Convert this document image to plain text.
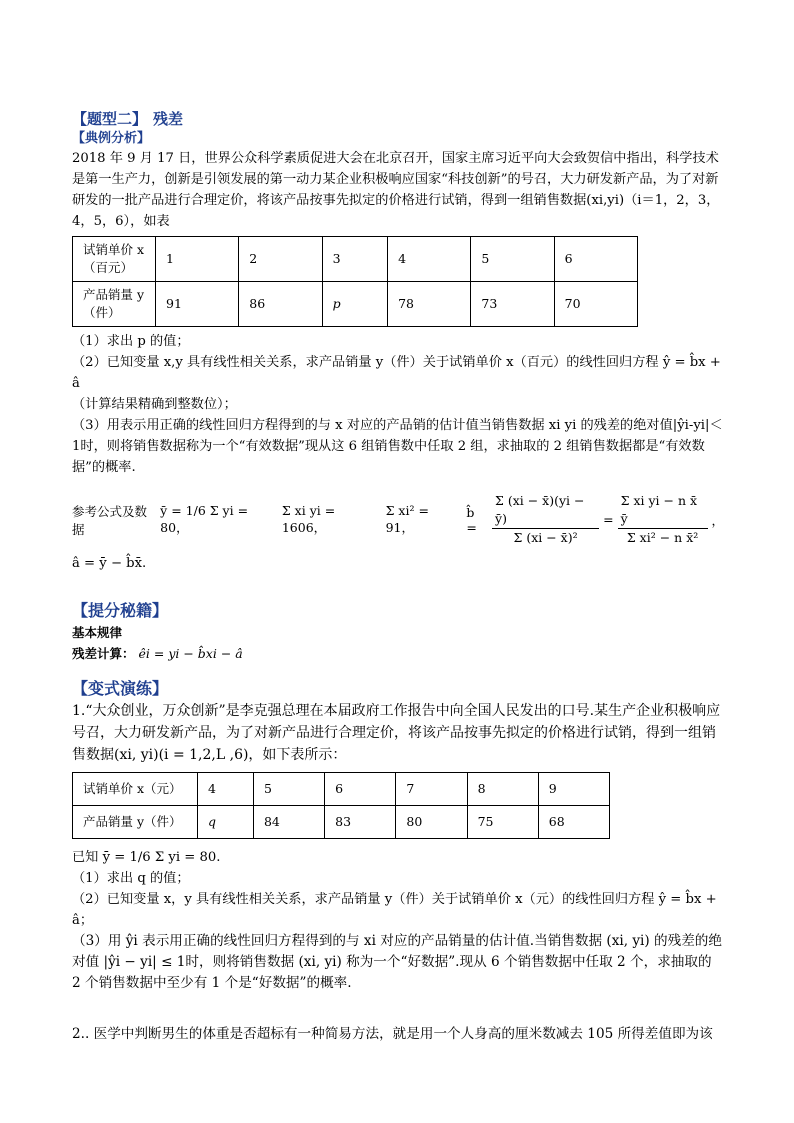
【题型二】 残差
【典例分析】

2018 年 9 月 17 日，世界公众科学素质促进大会在北京召开，国家主席习近平向大会致贺信中指出，科学技术是第一生产力，创新是引领发展的第一动力某企业积极响应国家“科技创新”的号召，大力研发新产品，为了对新研发的一批产品进行合理定价，将该产品按事先拟定的价格进行试销，得到一组销售数据(xi,yi)（i＝1，2，3，4，5，6），如表

试销单价 x
（百元）	1	2	3	4	5	6

产品销量 y
（件）	91	86	p	78	73	70

（1）求出 p 的值；

（2）已知变量 x,y 具有线性相关关系，求产品销量 y（件）关于试销单价 x（百元）的线性回归方程 ŷ = b̂x + â

（计算结果精确到整数位）；

（3）用表示用正确的线性回归方程得到的与 x 对应的产品销的估计值当销售数据 xi yi 的残差的绝对值|ŷi-yi|＜1时，则将销售数据称为一个“有效数据”现从这 6 组销售数中任取 2 组，求抽取的 2 组销售数据都是“有效数据”的概率.

参考公式及数据
ȳ = 1/6 Σ yi = 80，
Σ xi yi = 1606，
Σ xi² = 91，
b̂ =	$\frac{\Sigma (xi - x̄)(yi - ȳ)}{\text{Σ (xi − x̄)²}} = \frac{\text{Σ xi yi − n x̄ ȳ}}{\text{Σ xi² − n x̄²}}$ ，

â = ȳ − b̂x̄.

【提分秘籍】

基本规律

残差计算： êi = yi − b̂xi − â

【变式演练】

1.“大众创业，万众创新”是李克强总理在本届政府工作报告中向全国人民发出的口号.某生产企业积极响应号召，大力研发新产品，为了对新产品进行合理定价，将该产品按事先拟定的价格进行试销，得到一组销售数据(xi, yi)(i = 1,2,L ,6)，如下表所示：

试销单价 x（元）	4	5	6	7	8	9
产品销量 y（件）	q	84	83	80	75	68

已知 ȳ = 1/6 Σ yi = 80.

（1）求出 q 的值；

（2）已知变量 x，y 具有线性相关关系，求产品销量 y（件）关于试销单价 x（元）的线性回归方程 ŷ = b̂x + â；

（3）用 ŷi 表示用正确的线性回归方程得到的与 xi 对应的产品销量的估计值.当销售数据 (xi, yi) 的残差的绝对值 |ŷi − yi| ≤ 1时，则将销售数据 (xi, yi) 称为一个“好数据”.现从 6 个销售数据中任取 2 个，求抽取的 2 个销售数据中至少有 1 个是“好数据”的概率.

2.. 医学中判断男生的体重是否超标有一种简易方法，就是用一个人身高的厘米数减去 105 所得差值即为该
